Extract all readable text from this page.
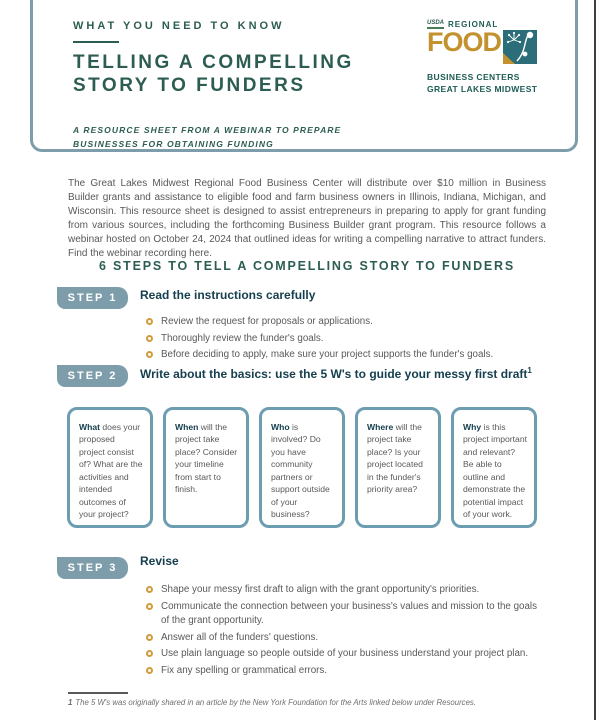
WHAT YOU NEED TO KNOW
TELLING A COMPELLING
STORY TO FUNDERS
A RESOURCE SHEET FROM A WEBINAR TO PREPARE
BUSINESSES FOR OBTAINING FUNDING
USDA REGIONAL
FOOD
BUSINESS CENTERS
GREAT LAKES MIDWEST

The Great Lakes Midwest Regional Food Business Center will distribute over $10 million in Business Builder grants and assistance to eligible food and farm business owners in Illinois, Indiana, Michigan, and Wisconsin. This resource sheet is designed to assist entrepreneurs in preparing to apply for grant funding from various sources, including the forthcoming Business Builder grant program. This resource follows a webinar hosted on October 24, 2024 that outlined ideas for writing a compelling narrative to attract funders. Find the webinar recording here.

6 STEPS TO TELL A COMPELLING STORY TO FUNDERS
STEP 1	Read the instructions carefully
Review the request for proposals or applications.
Thoroughly review the funder's goals.
Before deciding to apply, make sure your project supports the funder's goals.
STEP 2	Write about the basics: use the 5 W's to guide your messy first draft$^1$
What does your proposed project consist of? What are the activities and intended outcomes of your project?
When will the project take place? Consider your timeline from start to finish.
Who is involved? Do you have community partners or support outside of your business?
Where will the project take place? Is your project located in the funder's priority area?
Why is this project important and relevant? Be able to outline and demonstrate the potential impact of your work.
STEP 3	Revise
Shape your messy first draft to align with the grant opportunity's priorities.
Communicate the connection between your business's values and mission to the goals of the grant opportunity.
Answer all of the funders' questions.
Use plain language so people outside of your business understand your project plan.
Fix any spelling or grammatical errors.
1 The 5 W's was originally shared in an article by the New York Foundation for the Arts linked below under Resources.
